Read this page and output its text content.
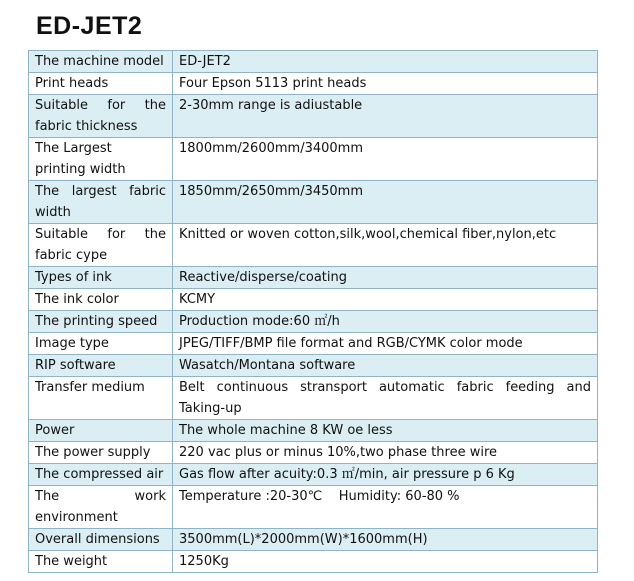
ED-JET2
The machine model	ED-JET2
Print heads	Four Epson 5113 print heads
Suitable for the fabric thickness	2-30mm range is adiustable
The Largest printing width	1800mm/2600mm/3400mm
The largest fabric width	1850mm/2650mm/3450mm
Suitable for the fabric cype	Knitted or woven cotton,silk,wool,chemical fiber,nylon,etc
Types of ink	Reactive/disperse/coating
The ink color	KCMY
The printing speed	Production mode:60 ㎡/h
Image type	JPEG/TIFF/BMP file format and RGB/CYMK color mode
RIP software	Wasatch/Montana software
Transfer medium	Belt continuous stransport automatic fabric feeding and Taking-up
Power	The whole machine 8 KW oe less
The power supply	220 vac plus or minus 10%,two phase three wire
The compressed air	Gas flow after acuity:0.3 ㎡/min, air pressure p 6 Kg
The work environment	Temperature :20-30℃    Humidity: 60-80 %
Overall dimensions	3500mm(L)*2000mm(W)*1600mm(H)
The weight	1250Kg
